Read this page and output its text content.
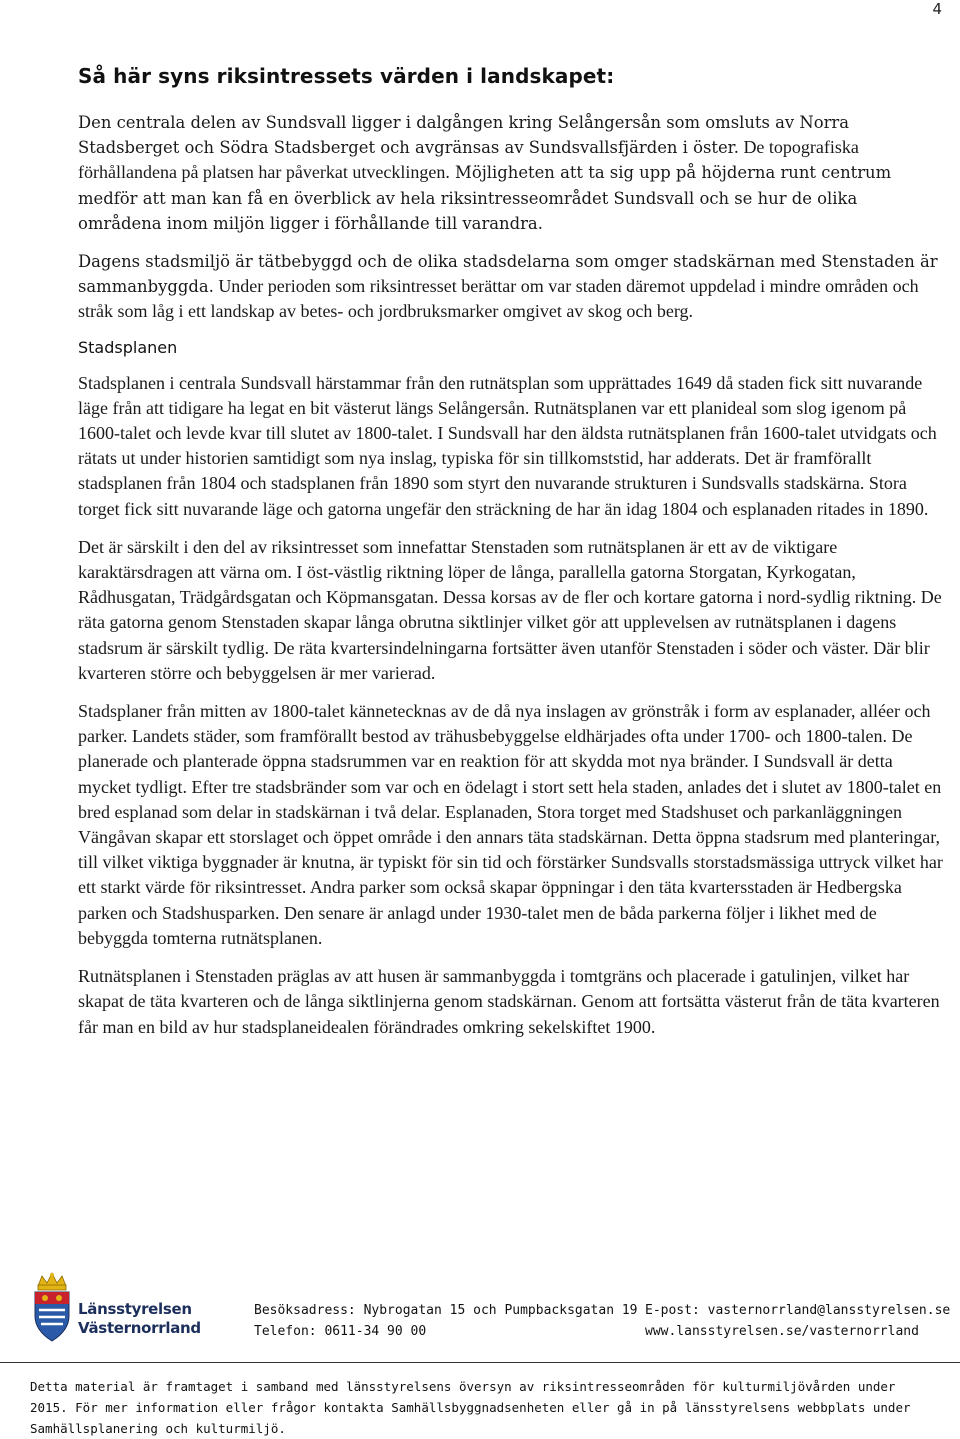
4
Så här syns riksintressets värden i landskapet:

Den centrala delen av Sundsvall ligger i dalgången kring Selångersån som omsluts av Norra Stadsberget och Södra Stadsberget och avgränsas av Sundsvallsfjärden i öster. De topografiska förhållandena på platsen har påverkat utvecklingen. Möjligheten att ta sig upp på höjderna runt centrum medför att man kan få en överblick av hela riksintresseområdet Sundsvall och se hur de olika områdena inom miljön ligger i förhållande till varandra.

Dagens stadsmiljö är tätbebyggd och de olika stadsdelarna som omger stadskärnan med Stenstaden är sammanbyggda. Under perioden som riksintresset berättar om var staden däremot uppdelad i mindre områden och stråk som låg i ett landskap av betes- och jordbruksmarker omgivet av skog och berg.

Stadsplanen

Stadsplanen i centrala Sundsvall härstammar från den rutnätsplan som upprättades 1649 då staden fick sitt nuvarande läge från att tidigare ha legat en bit västerut längs Selångersån. Rutnätsplanen var ett planideal som slog igenom på 1600-talet och levde kvar till slutet av 1800-talet. I Sundsvall har den äldsta rutnätsplanen från 1600-talet utvidgats och rätats ut under historien samtidigt som nya inslag, typiska för sin tillkomststid, har adderats. Det är framförallt stadsplanen från 1804 och stadsplanen från 1890 som styrt den nuvarande strukturen i Sundsvalls stadskärna. Stora torget fick sitt nuvarande läge och gatorna ungefär den sträckning de har än idag 1804 och esplanaden ritades in 1890.

Det är särskilt i den del av riksintresset som innefattar Stenstaden som rutnätsplanen är ett av de viktigare karaktärsdragen att värna om. I öst-västlig riktning löper de långa, parallella gatorna Storgatan, Kyrkogatan, Rådhusgatan, Trädgårdsgatan och Köpmansgatan. Dessa korsas av de fler och kortare gatorna i nord-sydlig riktning. De räta gatorna genom Stenstaden skapar långa obrutna siktlinjer vilket gör att upplevelsen av rutnätsplanen i dagens stadsrum är särskilt tydlig. De räta kvartersindelningarna fortsätter även utanför Stenstaden i söder och väster. Där blir kvarteren större och bebyggelsen är mer varierad.

Stadsplaner från mitten av 1800-talet kännetecknas av de då nya inslagen av grönstråk i form av esplanader, alléer och parker. Landets städer, som framförallt bestod av trähusbebyggelse eldhärjades ofta under 1700- och 1800-talen. De planerade och planterade öppna stadsrummen var en reaktion för att skydda mot nya bränder. I Sundsvall är detta mycket tydligt. Efter tre stadsbränder som var och en ödelagt i stort sett hela staden, anlades det i slutet av 1800-talet en bred esplanad som delar in stadskärnan i två delar. Esplanaden, Stora torget med Stadshuset och parkanläggningen Vängåvan skapar ett storslaget och öppet område i den annars täta stadskärnan. Detta öppna stadsrum med planteringar, till vilket viktiga byggnader är knutna, är typiskt för sin tid och förstärker Sundsvalls storstadsmässiga uttryck vilket har ett starkt värde för riksintresset. Andra parker som också skapar öppningar i den täta kvartersstaden är Hedbergska parken och Stadshusparken. Den senare är anlagd under 1930-talet men de båda parkerna följer i likhet med de bebyggda tomterna rutnätsplanen.

Rutnätsplanen i Stenstaden präglas av att husen är sammanbyggda i tomtgräns och placerade i gatulinjen, vilket har skapat de täta kvarteren och de långa siktlinjerna genom stadskärnan. Genom att fortsätta västerut från de täta kvarteren får man en bild av hur stadsplaneidealen förändrades omkring sekelskiftet 1900.

Länsstyrelsen
Västernorrland
Besöksadress: Nybrogatan 15 och Pumpbacksgatan 19
Telefon: 0611-34 90 00
E-post: vasternorrland@lansstyrelsen.se
www.lansstyrelsen.se/vasternorrland
Detta material är framtaget i samband med länsstyrelsens översyn av riksintresseområden för kulturmiljövården under 2015. För mer information eller frågor kontakta Samhällsbyggnadsenheten eller gå in på länsstyrelsens webbplats under Samhällsplanering och kulturmiljö.
